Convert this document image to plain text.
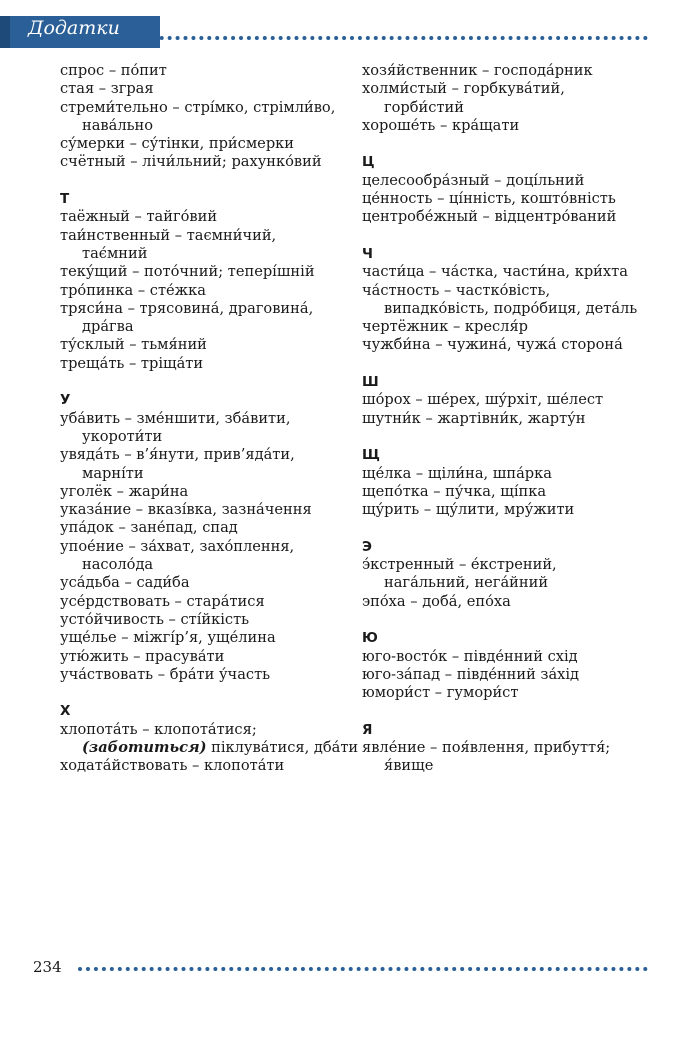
Додатки
спрос – по́пит
стая – зграя
стреми́тельно – стрі́мко, стрімли́во,
нава́льно
су́мерки – су́тінки, при́смерки
счётный – лічи́льний; рахунко́вий
Т
таёжный – тайго́вий
таи́нственный – таємни́чий,
тає́мний
теку́щий – пото́чний; тепері́шній
тро́пинка – сте́жка
тряси́на – трясовина́, драговина́,
дра́гва
ту́склый – тьмя́ний
треща́ть – тріща́ти
У
уба́вить – зме́ншити, зба́вити,
укороти́ти
увяда́ть – в’я́нути, прив’яда́ти,
марні́ти
уголёк – жари́на
указа́ние – вказі́вка, зазна́чення
упа́док – зане́пад, спад
упое́ние – за́хват, захо́плення,
насоло́да
уса́дьба – сади́ба
усе́рдствовать – стара́тися
усто́йчивость – сті́йкість
уще́лье – міжгі́р’я, уще́лина
утю́жить – прасува́ти
уча́ствовать – бра́ти у́часть
Х
хлопота́ть – клопота́тися;
(заботиться) піклува́тися, дба́ти
ходата́йствовать – клопота́ти
хозя́йственник – господа́рник
холми́стый – горбкува́тий,
горби́стий
хороше́ть – кра́щати
Ц
целесообра́зный – доці́льний
це́нность – ці́нність, кошто́вність
центробе́жный – відцентро́ваний
Ч
части́ца – ча́стка, части́на, кри́хта
ча́стность – частко́вість,
випадко́вість, подро́биця, дета́ль
чертёжник – кресля́р
чужби́на – чужина́, чужа́ сторона́
Ш
шо́рох – ше́рех, шу́рхіт, ше́лест
шутни́к – жартівни́к, жарту́н
Щ
ще́лка – щіли́на, шпа́рка
щепо́тка – пу́чка, щі́пка
щу́рить – щу́лити, мру́жити
Э
э́кстренный – е́кстрений,
нага́льний, нега́йний
эпо́ха – доба́, епо́ха
Ю
юго-восто́к – півде́нний схід
юго-за́пад – півде́нний за́хід
юмори́ст – гумори́ст
Я
явле́ние – поя́влення, прибуття́;
я́вище
234
